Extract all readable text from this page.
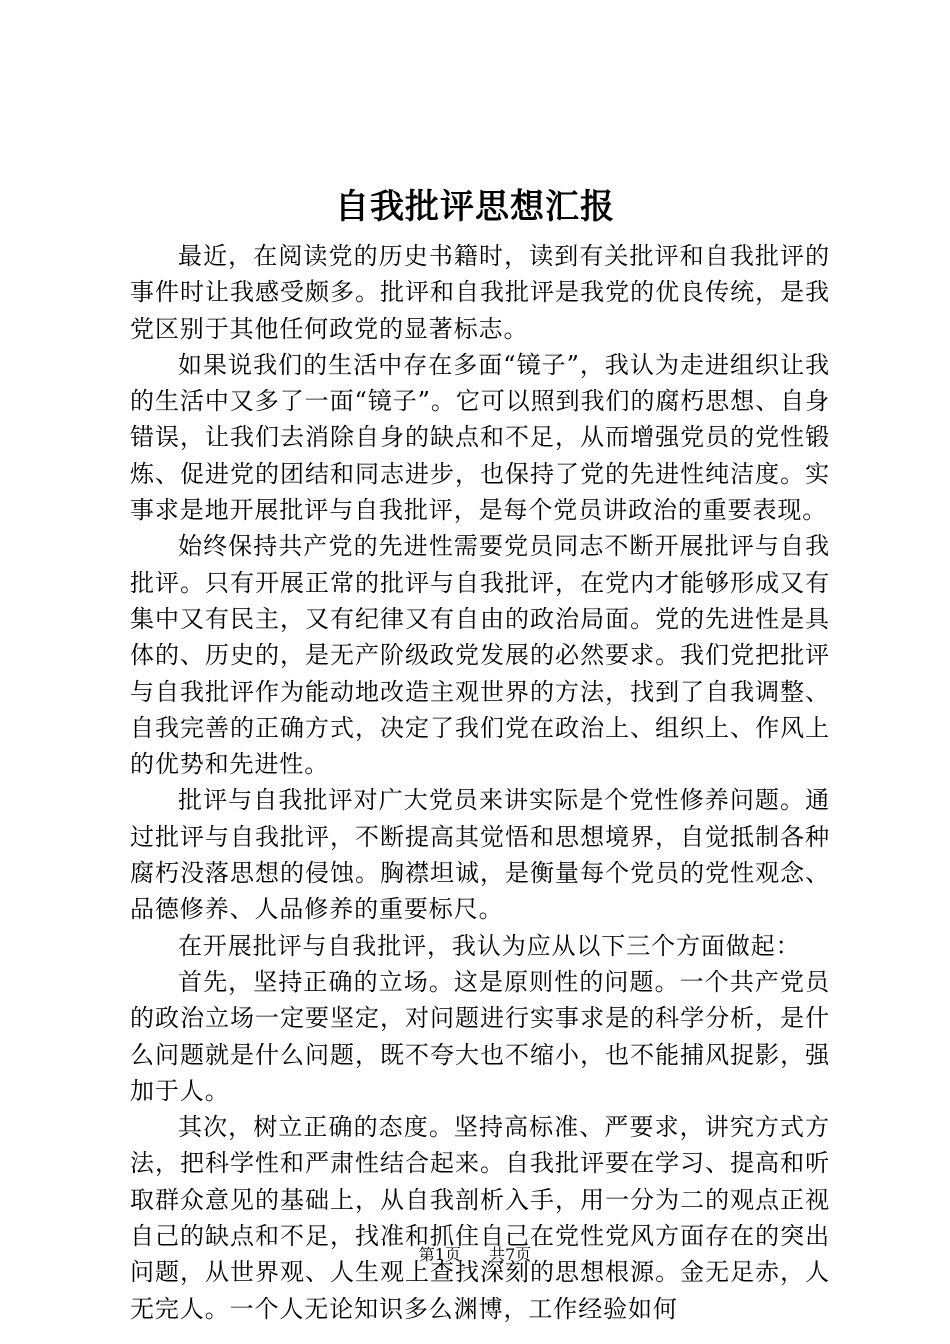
自我批评思想汇报

最近，在阅读党的历史书籍时，读到有关批评和自我批评的事件时让我感受颇多。批评和自我批评是我党的优良传统，是我党区别于其他任何政党的显著标志。

如果说我们的生活中存在多面“镜子”，我认为走进组织让我的生活中又多了一面“镜子”。它可以照到我们的腐朽思想、自身错误，让我们去消除自身的缺点和不足，从而增强党员的党性锻炼、促进党的团结和同志进步，也保持了党的先进性纯洁度。实事求是地开展批评与自我批评，是每个党员讲政治的重要表现。

始终保持共产党的先进性需要党员同志不断开展批评与自我批评。只有开展正常的批评与自我批评，在党内才能够形成又有集中又有民主，又有纪律又有自由的政治局面。党的先进性是具体的、历史的，是无产阶级政党发展的必然要求。我们党把批评与自我批评作为能动地改造主观世界的方法，找到了自我调整、自我完善的正确方式，决定了我们党在政治上、组织上、作风上的优势和先进性。

批评与自我批评对广大党员来讲实际是个党性修养问题。通过批评与自我批评，不断提高其觉悟和思想境界，自觉抵制各种腐朽没落思想的侵蚀。胸襟坦诚，是衡量每个党员的党性观念、品德修养、人品修养的重要标尺。

在开展批评与自我批评，我认为应从以下三个方面做起：

首先，坚持正确的立场。这是原则性的问题。一个共产党员的政治立场一定要坚定，对问题进行实事求是的科学分析，是什么问题就是什么问题，既不夸大也不缩小，也不能捕风捉影，强加于人。

其次，树立正确的态度。坚持高标准、严要求，讲究方式方法，把科学性和严肃性结合起来。自我批评要在学习、提高和听取群众意见的基础上，从自我剖析入手，用一分为二的观点正视自己的缺点和不足，找准和抓住自己在党性党风方面存在的突出问题，从世界观、人生观上查找深刻的思想根源。金无足赤，人无完人。一个人无论知识多么渊博，工作经验如何

第1页 共7页
